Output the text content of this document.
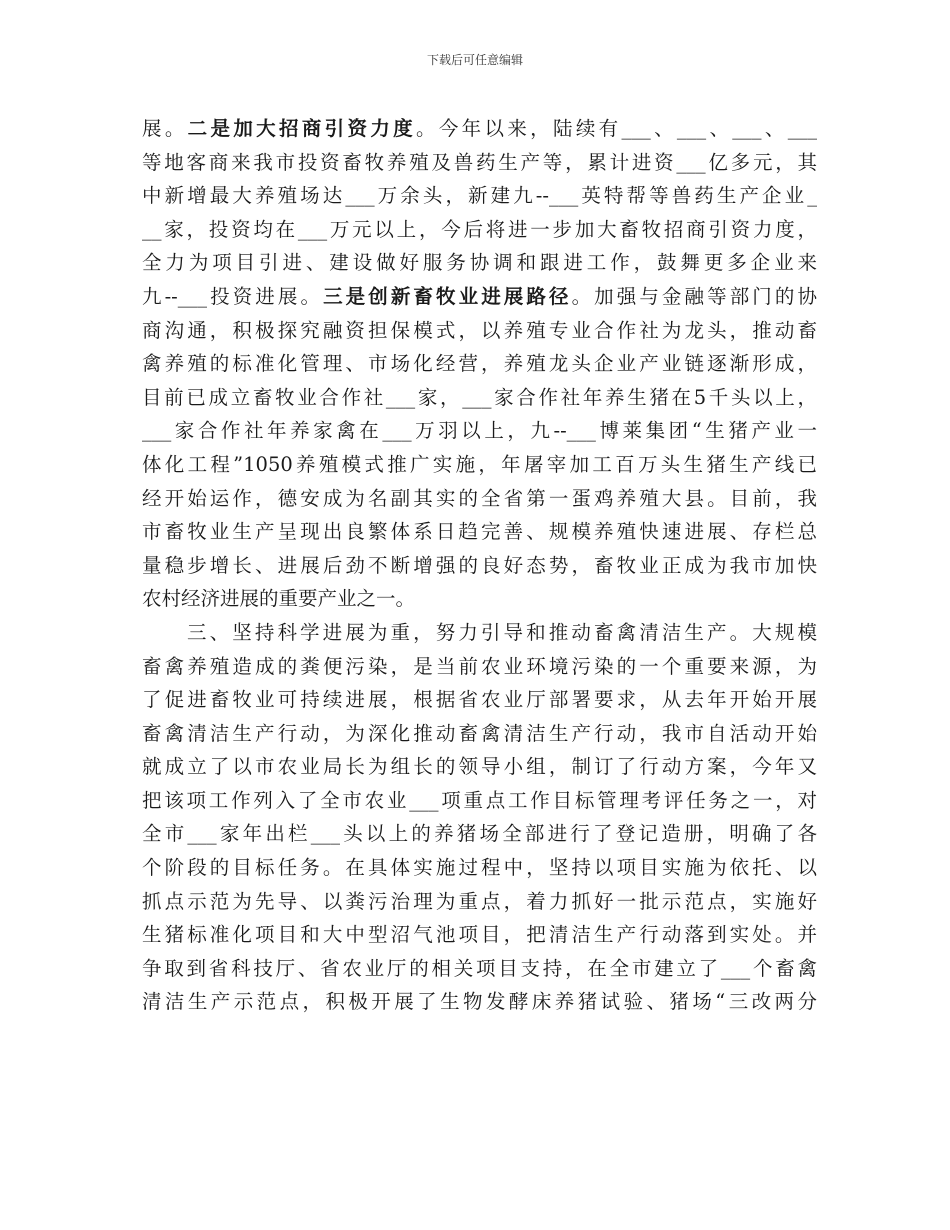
下载后可任意编辑
展。二是加大招商引资力度。今年以来，陆续有___、___、___、___
等地客商来我市投资畜牧养殖及兽药生产等，累计进资___亿多元，其
中新增最大养殖场达___万余头，新建九--___英特帮等兽药生产企业_
__家，投资均在___万元以上，今后将进一步加大畜牧招商引资力度，
全力为项目引进、建设做好服务协调和跟进工作，鼓舞更多企业来
九--___投资进展。三是创新畜牧业进展路径。加强与金融等部门的协
商沟通，积极探究融资担保模式，以养殖专业合作社为龙头，推动畜
禽养殖的标准化管理、市场化经营，养殖龙头企业产业链逐渐形成，
目前已成立畜牧业合作社___家，___家合作社年养生猪在5千头以上，
___家合作社年养家禽在___万羽以上，九--___博莱集团“生猪产业一
体化工程”1050养殖模式推广实施，年屠宰加工百万头生猪生产线已
经开始运作，德安成为名副其实的全省第一蛋鸡养殖大县。目前，我
市畜牧业生产呈现出良繁体系日趋完善、规模养殖快速进展、存栏总
量稳步增长、进展后劲不断增强的良好态势，畜牧业正成为我市加快
农村经济进展的重要产业之一。
三、坚持科学进展为重，努力引导和推动畜禽清洁生产。大规模
畜禽养殖造成的粪便污染，是当前农业环境污染的一个重要来源，为
了促进畜牧业可持续进展，根据省农业厅部署要求，从去年开始开展
畜禽清洁生产行动，为深化推动畜禽清洁生产行动，我市自活动开始
就成立了以市农业局长为组长的领导小组，制订了行动方案，今年又
把该项工作列入了全市农业___项重点工作目标管理考评任务之一，对
全市___家年出栏___头以上的养猪场全部进行了登记造册，明确了各
个阶段的目标任务。在具体实施过程中，坚持以项目实施为依托、以
抓点示范为先导、以粪污治理为重点，着力抓好一批示范点，实施好
生猪标准化项目和大中型沼气池项目，把清洁生产行动落到实处。并
争取到省科技厅、省农业厅的相关项目支持，在全市建立了___个畜禽
清洁生产示范点，积极开展了生物发酵床养猪试验、猪场“三改两分
